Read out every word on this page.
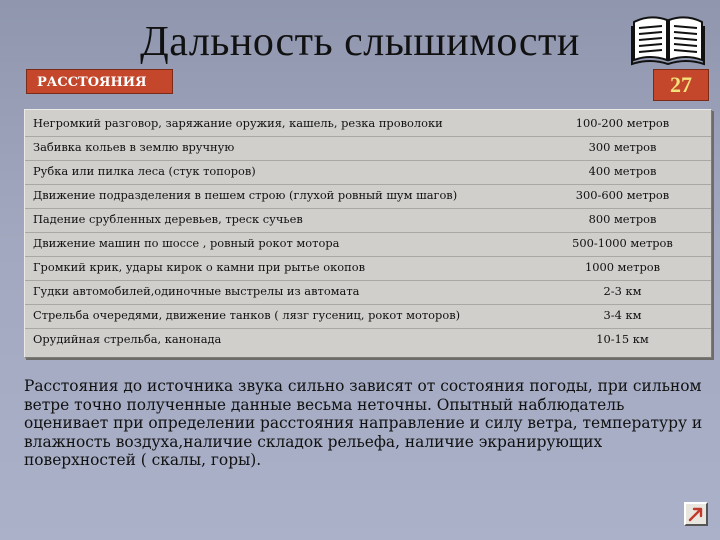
Дальность слышимости
РАССТОЯНИЯ	27
Негромкий разговор, заряжание оружия, кашель, резка проволоки	100-200 метров
Забивка кольев в землю вручную	300 метров
Рубка или пилка леса (стук топоров)	400 метров
Движение подразделения в пешем строю (глухой ровный шум шагов)	300-600 метров
Падение срубленных деревьев, треск сучьев	800 метров
Движение машин по шоссе , ровный рокот мотора	500-1000 метров
Громкий крик, удары кирок о камни при рытье окопов	1000 метров
Гудки автомобилей,одиночные выстрелы из автомата	2-3 км
Стрельба очередями, движение танков ( лязг гусениц, рокот моторов)	3-4 км
Орудийная стрельба, канонада	10-15 км
Расстояния до источника звука сильно зависят от состояния погоды, при сильном ветре точно полученные данные весьма неточны. Опытный наблюдатель оценивает при определении расстояния направление и силу ветра, температуру и влажность воздуха,наличие складок рельефа, наличие экранирующих поверхностей ( скалы, горы).
